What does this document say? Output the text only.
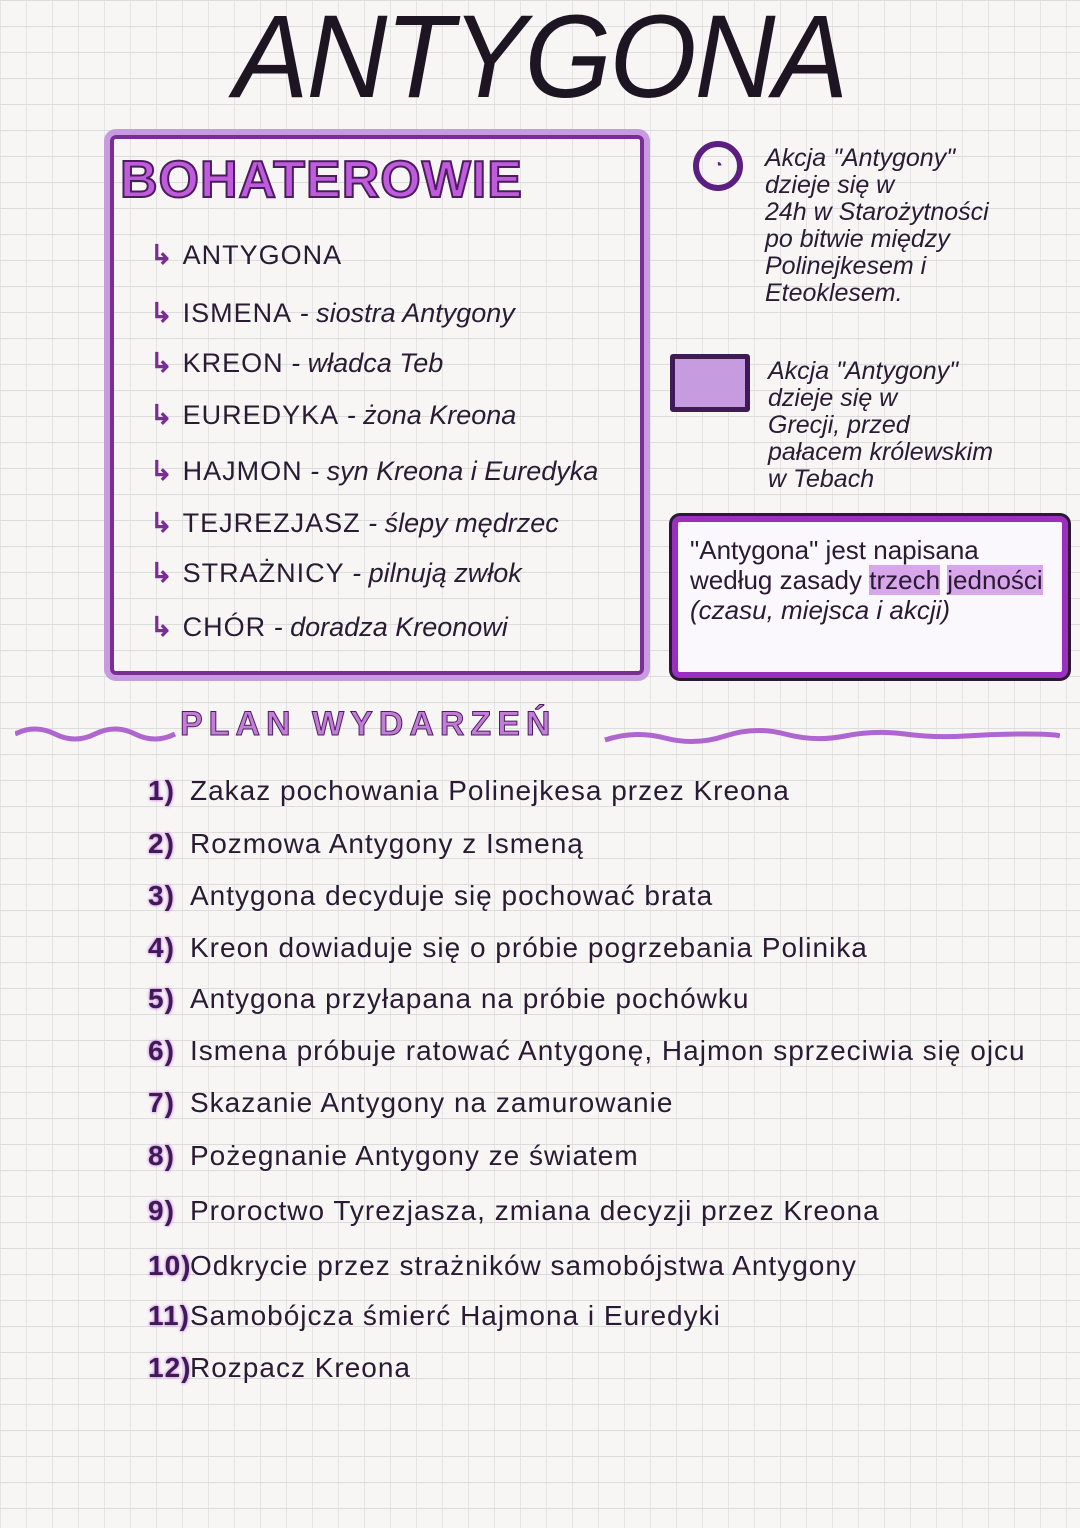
ANTYGONA
BOHATEROWIE
↳ ANTYGONA
↳ ISMENA - siostra Antygony
↳ KREON - władca Teb
↳ EUREDYKA - żona Kreona
↳ HAJMON - syn Kreona i Euredyka
↳ TEJREZJASZ - ślepy mędrzec
↳ STRAŻNICY - pilnują zwłok
↳ CHÓR - doradza Kreonowi
◔	Akcja "Antygony"
dzieje się w
24h w Starożytności
po bitwie między
Polinejkesem i
Eteoklesem.
Akcja "Antygony"
dzieje się w
Grecji, przed
pałacem królewskim
w Tebach
"Antygona" jest napisana według zasady trzech jedności (czasu, miejsca i akcji)
PLAN WYDARZEŃ
1) Zakaz pochowania Polinejkesa przez Kreona
2) Rozmowa Antygony z Ismeną
3) Antygona decyduje się pochować brata
4) Kreon dowiaduje się o próbie pogrzebania Polinika
5) Antygona przyłapana na próbie pochówku
6) Ismena próbuje ratować Antygonę, Hajmon sprzeciwia się ojcu
7) Skazanie Antygony na zamurowanie
8) Pożegnanie Antygony ze światem
9) Proroctwo Tyrezjasza, zmiana decyzji przez Kreona
10)Odkrycie przez strażników samobójstwa Antygony
11)Samobójcza śmierć Hajmona i Euredyki
12)Rozpacz Kreona
